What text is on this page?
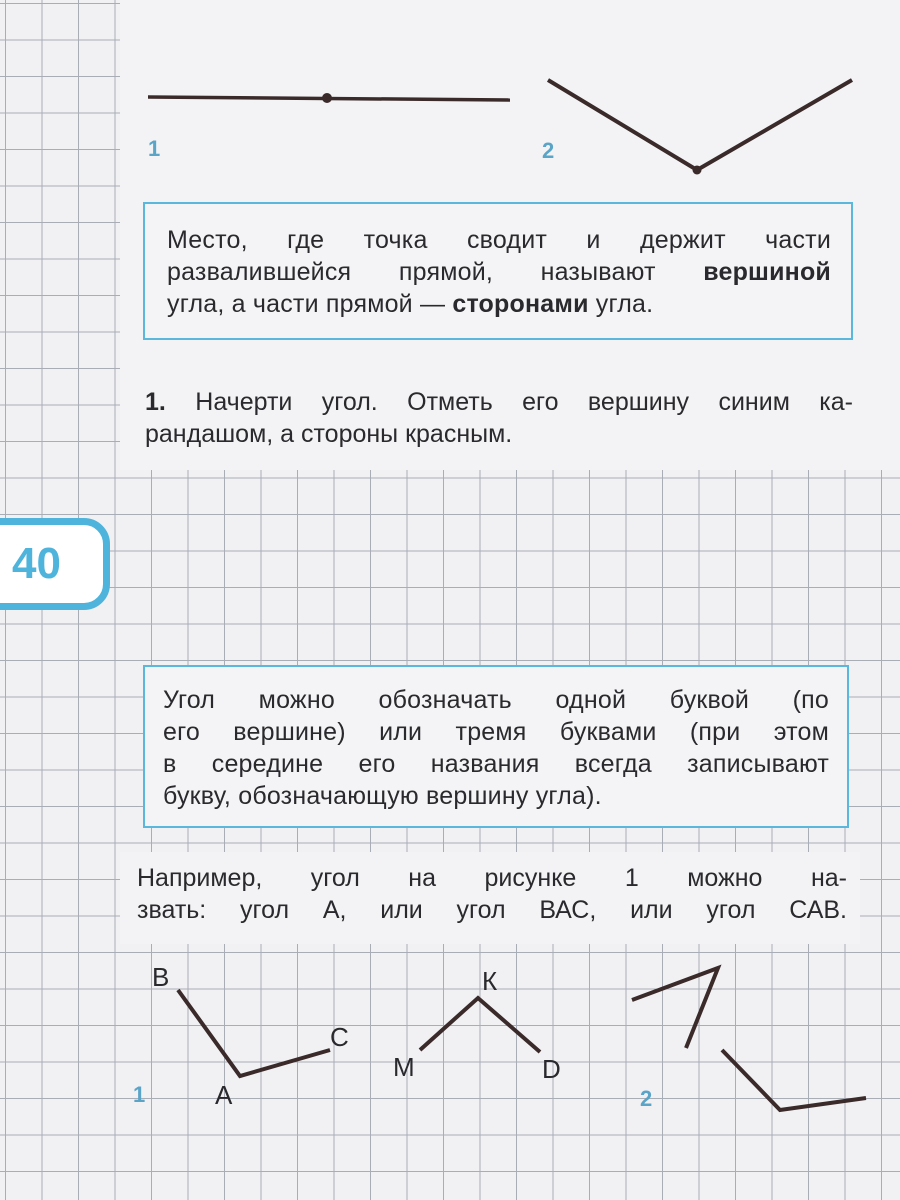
1	2
Место, где точка сводит и держит части
развалившейся прямой, называют вершиной
угла, а части прямой — сторонами угла.
1. Начерти угол. Отметь его вершину синим ка-
рандашом, а стороны красным.
40
Угол можно обозначать одной буквой (по
его вершине) или тремя буквами (при этом
в середине его названия всегда записывают
букву, обозначающую вершину угла).
Например, угол на рисунке 1 можно на-
звать: угол А, или угол ВАС, или угол САВ.
В
А
С
М
К
D
1	2
